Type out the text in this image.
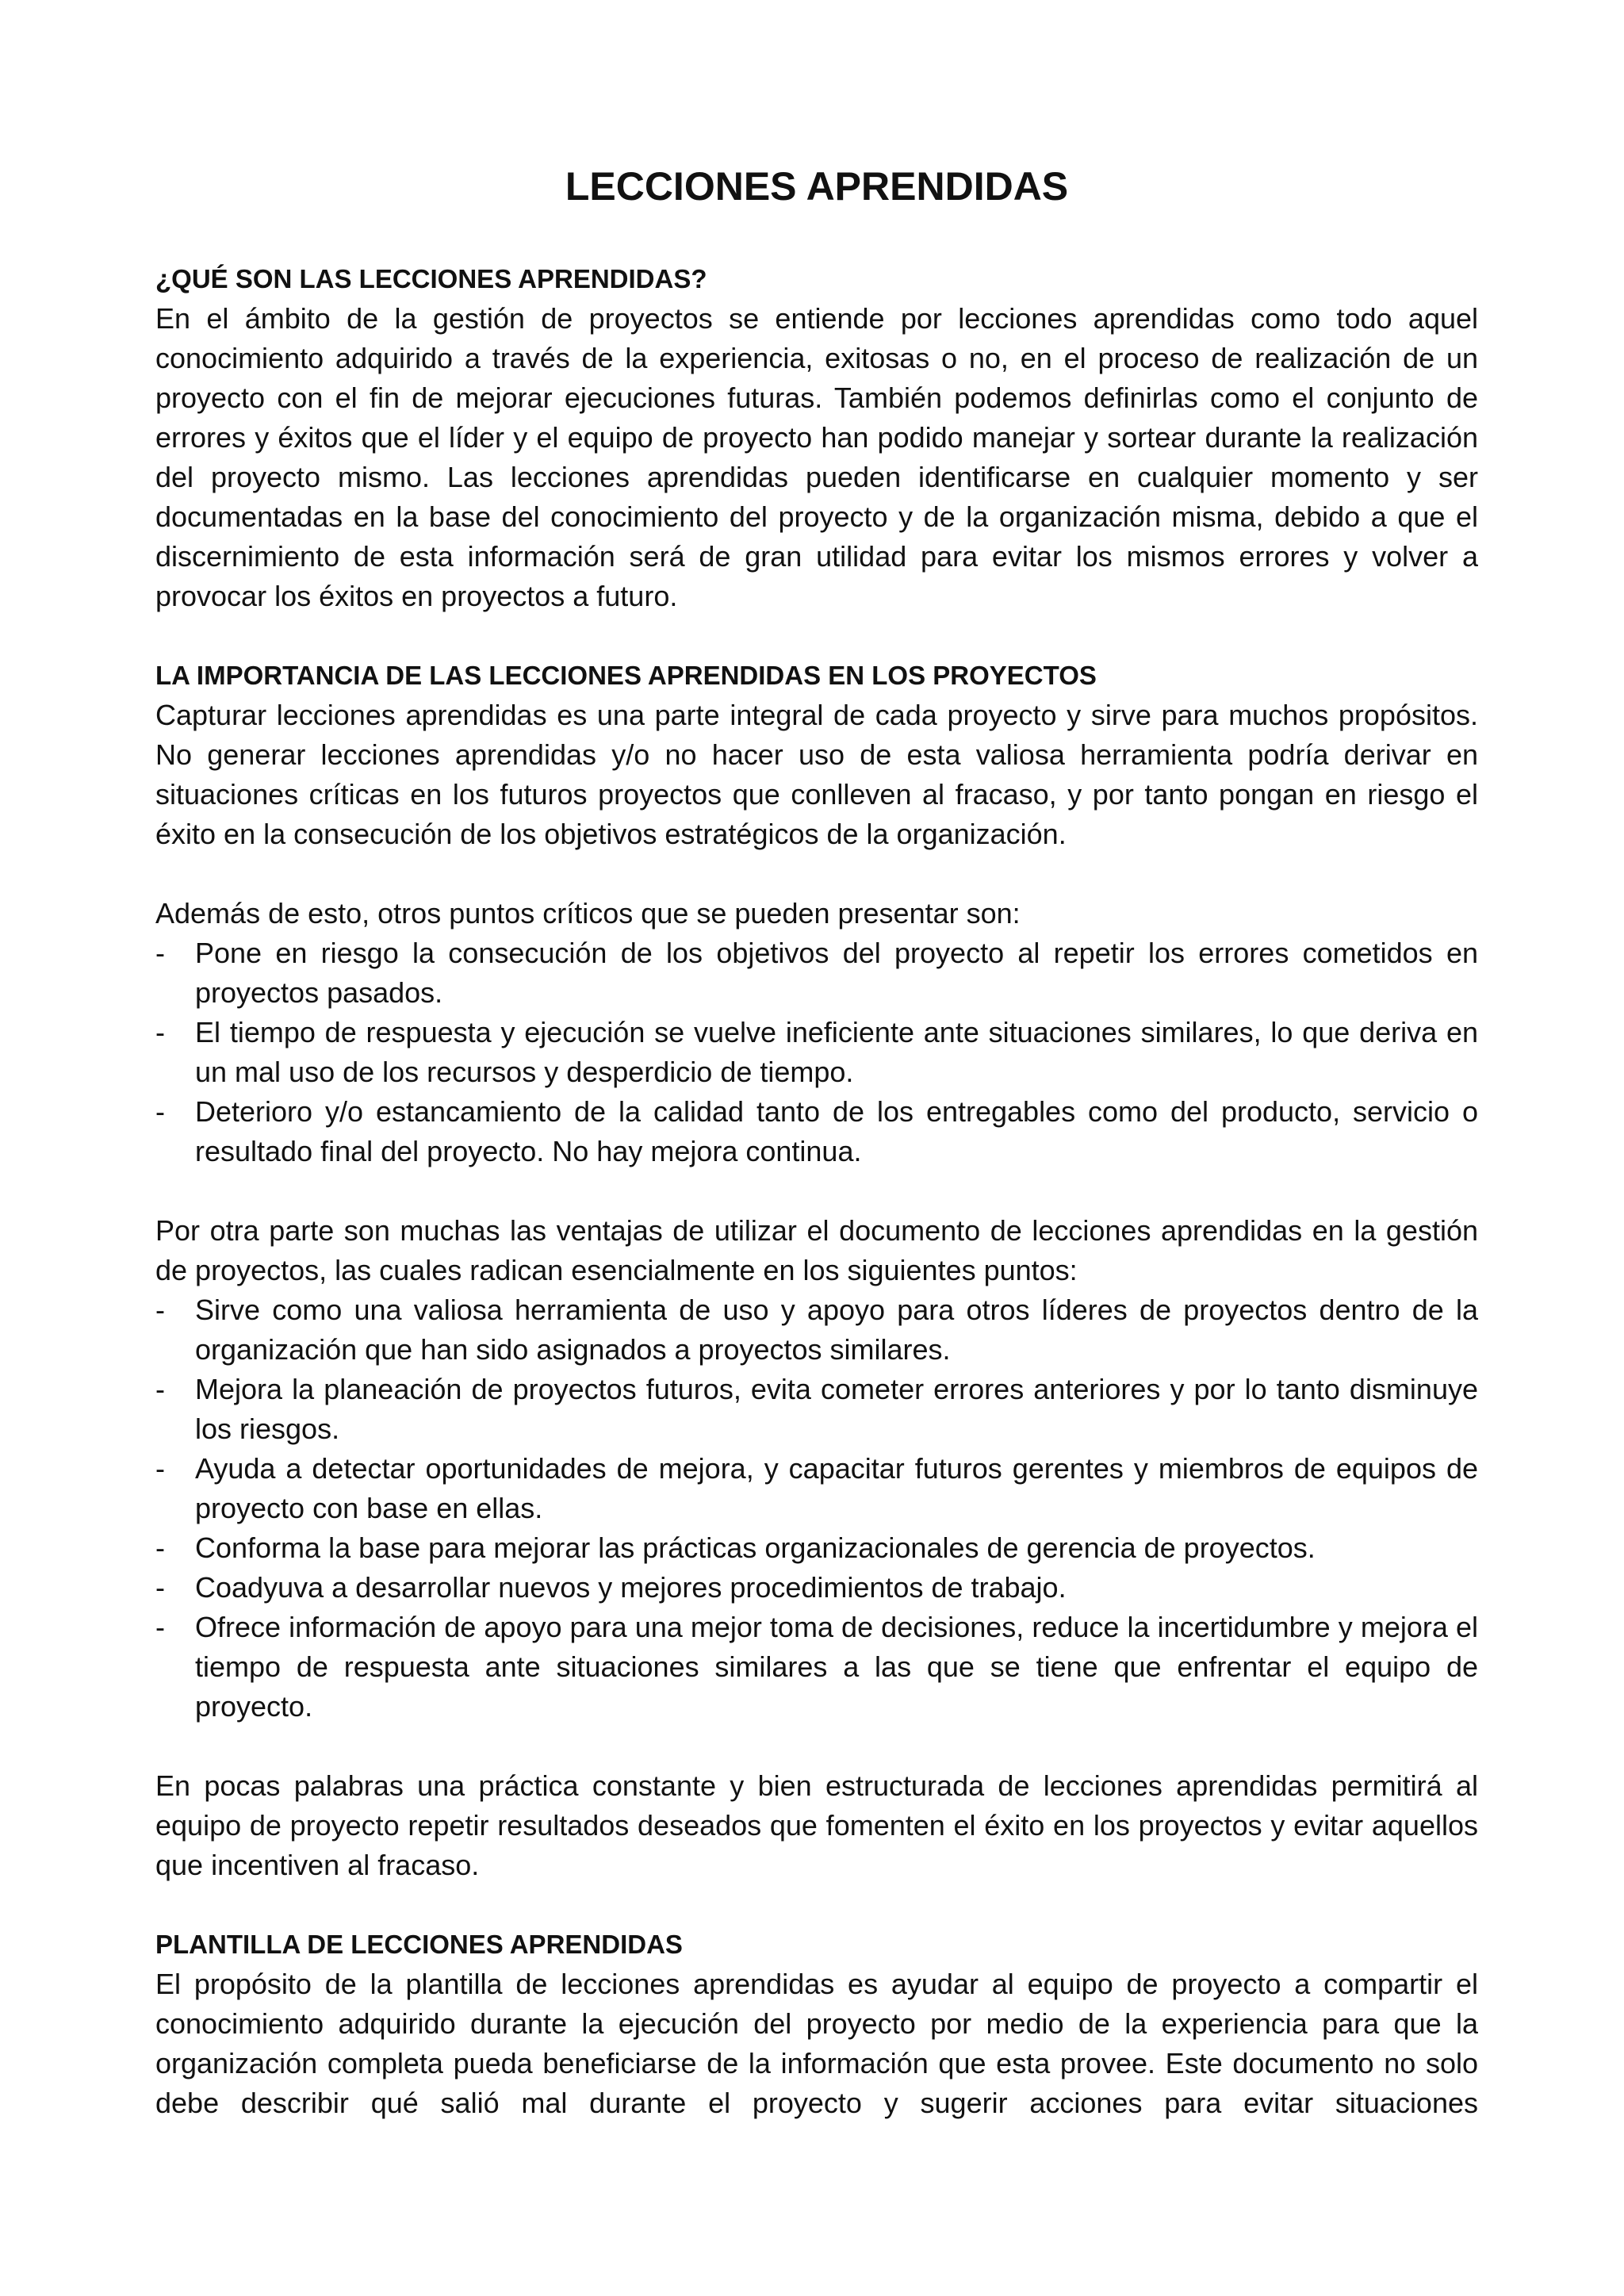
LECCIONES APRENDIDAS
¿QUÉ SON LAS LECCIONES APRENDIDAS?

En el ámbito de la gestión de proyectos se entiende por lecciones aprendidas como todo aquel conocimiento adquirido a través de la experiencia, exitosas o no, en el proceso de realización de un proyecto con el fin de mejorar ejecuciones futuras. También podemos definirlas como el conjunto de errores y éxitos que el líder y el equipo de proyecto han podido manejar y sortear durante la realización del proyecto mismo. Las lecciones aprendidas pueden identificarse en cualquier momento y ser documentadas en la base del conocimiento del proyecto y de la organización misma, debido a que el discernimiento de esta información será de gran utilidad para evitar los mismos errores y volver a provocar los éxitos en proyectos a futuro.

LA IMPORTANCIA DE LAS LECCIONES APRENDIDAS EN LOS PROYECTOS

Capturar lecciones aprendidas es una parte integral de cada proyecto y sirve para muchos propósitos. No generar lecciones aprendidas y/o no hacer uso de esta valiosa herramienta podría derivar en situaciones críticas en los futuros proyectos que conlleven al fracaso, y por tanto pongan en riesgo el éxito en la consecución de los objetivos estratégicos de la organización.

Además de esto, otros puntos críticos que se pueden presentar son:

- Pone en riesgo la consecución de los objetivos del proyecto al repetir los errores cometidos en proyectos pasados.
- El tiempo de respuesta y ejecución se vuelve ineficiente ante situaciones similares, lo que deriva en un mal uso de los recursos y desperdicio de tiempo.
- Deterioro y/o estancamiento de la calidad tanto de los entregables como del producto, servicio o resultado final del proyecto. No hay mejora continua.

Por otra parte son muchas las ventajas de utilizar el documento de lecciones aprendidas en la gestión de proyectos, las cuales radican esencialmente en los siguientes puntos:

- Sirve como una valiosa herramienta de uso y apoyo para otros líderes de proyectos dentro de la organización que han sido asignados a proyectos similares.
- Mejora la planeación de proyectos futuros, evita cometer errores anteriores y por lo tanto disminuye los riesgos.
- Ayuda a detectar oportunidades de mejora, y capacitar futuros gerentes y miembros de equipos de proyecto con base en ellas.
- Conforma la base para mejorar las prácticas organizacionales de gerencia de proyectos.
- Coadyuva a desarrollar nuevos y mejores procedimientos de trabajo.
- Ofrece información de apoyo para una mejor toma de decisiones, reduce la incertidumbre y mejora el tiempo de respuesta ante situaciones similares a las que se tiene que enfrentar el equipo de proyecto.

En pocas palabras una práctica constante y bien estructurada de lecciones aprendidas permitirá al equipo de proyecto repetir resultados deseados que fomenten el éxito en los proyectos y evitar aquellos que incentiven al fracaso.

PLANTILLA DE LECCIONES APRENDIDAS

El propósito de la plantilla de lecciones aprendidas es ayudar al equipo de proyecto a compartir el conocimiento adquirido durante la ejecución del proyecto por medio de la experiencia para que la organización completa pueda beneficiarse de la información que esta provee. Este documento no solo debe describir qué salió mal durante el proyecto y sugerir acciones para evitar situaciones
